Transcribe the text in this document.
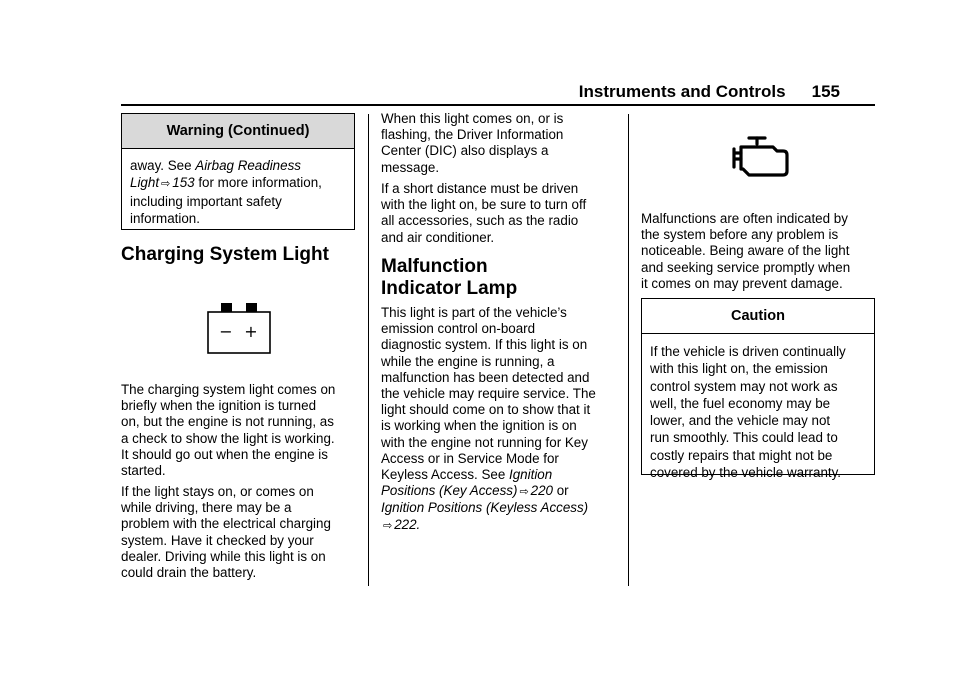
Instruments and Controls 155
Warning (Continued)
away. See Airbag Readiness
Light ⇨ 153 for more information,
including important safety
information.
Charging System Light
− +
The charging system light comes on
briefly when the ignition is turned
on, but the engine is not running, as
a check to show the light is working.
It should go out when the engine is
started.
If the light stays on, or comes on
while driving, there may be a
problem with the electrical charging
system. Have it checked by your
dealer. Driving while this light is on
could drain the battery.
When this light comes on, or is
flashing, the Driver Information
Center (DIC) also displays a
message.
If a short distance must be driven
with the light on, be sure to turn off
all accessories, such as the radio
and air conditioner.
Malfunction
Indicator Lamp
This light is part of the vehicle’s
emission control on-board
diagnostic system. If this light is on
while the engine is running, a
malfunction has been detected and
the vehicle may require service. The
light should come on to show that it
is working when the ignition is on
with the engine not running for Key
Access or in Service Mode for
Keyless Access. See Ignition
Positions (Key Access) ⇨ 220 or
Ignition Positions (Keyless Access)
⇨ 222.
Malfunctions are often indicated by
the system before any problem is
noticeable. Being aware of the light
and seeking service promptly when
it comes on may prevent damage.
Caution
If the vehicle is driven continually
with this light on, the emission
control system may not work as
well, the fuel economy may be
lower, and the vehicle may not
run smoothly. This could lead to
costly repairs that might not be
covered by the vehicle warranty.
